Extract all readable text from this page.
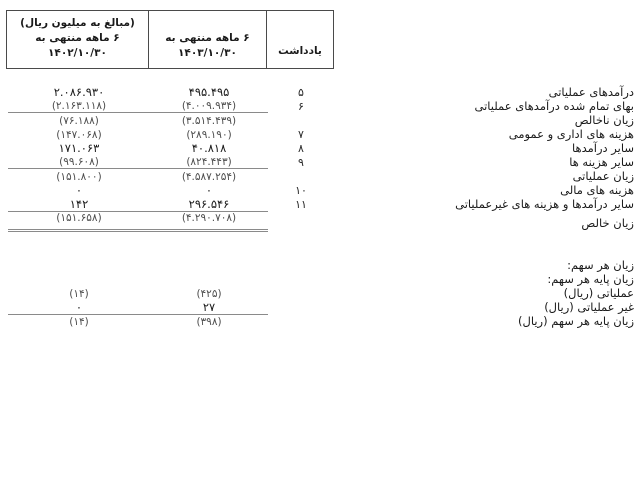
یادداشت

۶ ماهه منتهی به
۱۴۰۳/۱۰/۳۰
(مبالغ به میلیون ریال)
۶ ماهه منتهی به
۱۴۰۲/۱۰/۳۰

درآمدهای عملیاتی	۵	۴۹۵.۴۹۵	۲.۰۸۶.۹۳۰
بهای تمام شده درآمدهای عملیاتی	۶	(۴.۰۰۹.۹۳۴)	(۲.۱۶۳.۱۱۸)
زیان ناخالص		(۳.۵۱۴.۴۳۹)	(۷۶.۱۸۸)
هزینه های اداری و عمومی	۷	(۲۸۹.۱۹۰)	(۱۴۷.۰۶۸)
سایر درآمدها	۸	۴۰.۸۱۸	۱۷۱.۰۶۳
سایر هزینه ها	۹	(۸۲۴.۴۴۳)	(۹۹.۶۰۸)
زیان عملیاتی		(۴.۵۸۷.۲۵۴)	(۱۵۱.۸۰۰)
هزینه های مالی	۱۰	۰	۰
سایر درآمدها و هزینه های غیرعملیاتی	۱۱	۲۹۶.۵۴۶	۱۴۲
زیان خالص		(۴.۲۹۰.۷۰۸)	(۱۵۱.۶۵۸)

زیان هر سهم:			
زیان پایه هر سهم:			
عملیاتی (ریال)		(۴۲۵)	(۱۴)
غیر عملیاتی (ریال)		۲۷	۰
زیان پایه هر سهم (ریال)		(۳۹۸)	(۱۴)
